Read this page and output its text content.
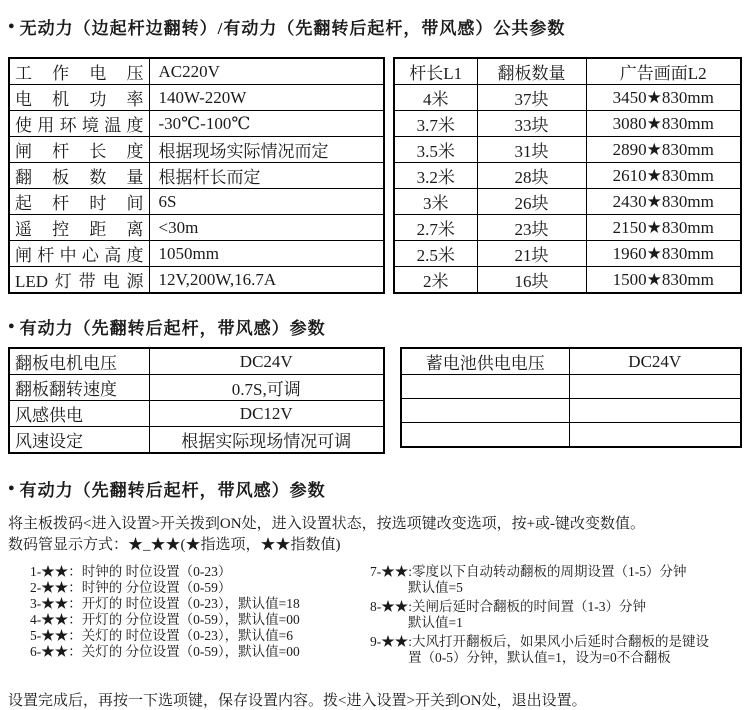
● 无动力（边起杆边翻转）/有动力（先翻转后起杆，带风感）公共参数
工作电压	AC220V
电机功率	140W-220W
使用环境温度	-30℃-100℃
闸杆长度	根据现场实际情况而定
翻板数量	根据杆长而定
起杆时间	6S
遥控距离	<30m
闸杆中心高度	1050mm
LED灯带电源	12V,200W,16.7A
杆长L1	翻板数量	广告画面L2
4米	37块	3450★830mm
3.7米	33块	3080★830mm
3.5米	31块	2890★830mm
3.2米	28块	2610★830mm
3米	26块	2430★830mm
2.7米	23块	2150★830mm
2.5米	21块	1960★830mm
2米	16块	1500★830mm
● 有动力（先翻转后起杆，带风感）参数
翻板电机电压	DC24V
翻板翻转速度	0.7S,可调
风感供电	DC12V
风速设定	根据实际现场情况可调
蓄电池供电电压	DC24V

● 有动力（先翻转后起杆，带风感）参数

将主板拨码<进入设置>开关拨到ON处，进入设置状态，按选项键改变选项，按+或-键改变数值。

数码管显示方式：★_★★(★指选项，★★指数值)

1-★★：时钟的 时位设置（0-23）
2-★★：时钟的 分位设置（0-59）
3-★★：开灯的 时位设置（0-23），默认值=18
4-★★：开灯的 分位设置（0-59），默认值=00
5-★★：关灯的 时位设置（0-23），默认值=6
6-★★：关灯的 分位设置（0-59），默认值=00
7-★★:零度以下自动转动翻板的周期设置（1-5）分钟
默认值=5
8-★★:关闸后延时合翻板的时间置（1-3）分钟
默认值=1
9-★★:大风打开翻板后，如果风小后延时合翻板的是键设
置（0-5）分钟，默认值=1，设为=0不合翻板
设置完成后，再按一下选项键，保存设置内容。拨<进入设置>开关到ON处，退出设置。
